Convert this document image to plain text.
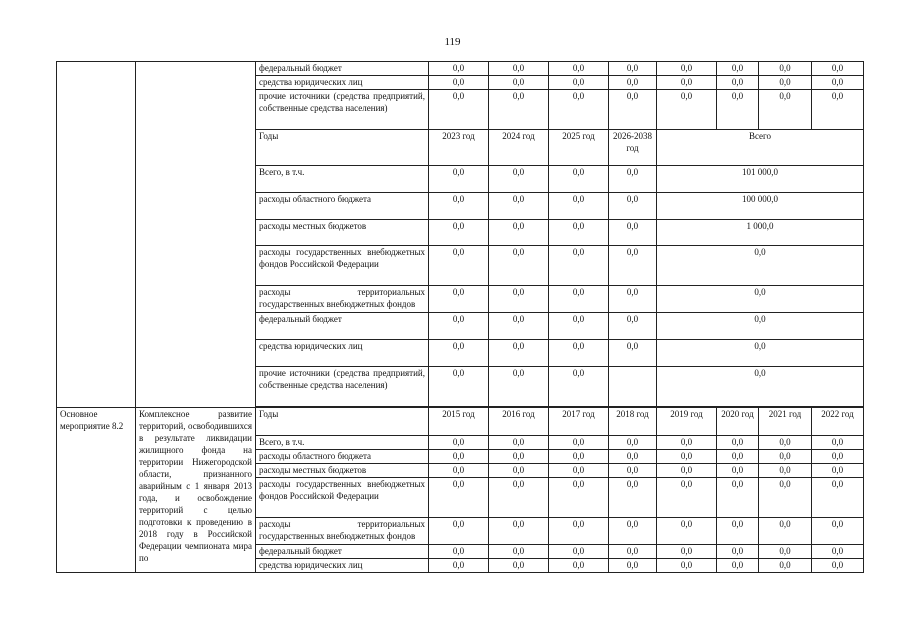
119
		федеральный бюджет	0,0	0,0	0,0	0,0	0,0	0,0	0,0	0,0
		средства юридических лиц	0,0	0,0	0,0	0,0	0,0	0,0	0,0	0,0
		прочие источники (средства предприятий, собственные средства населения)	0,0	0,0	0,0	0,0	0,0	0,0	0,0	0,0
		Годы	2023 год	2024 год	2025 год	2026-2038 год	Всего			
		Всего, в т.ч.	0,0	0,0	0,0	0,0	101 000,0			
		расходы областного бюджета	0,0	0,0	0,0	0,0	100 000,0			
		расходы местных бюджетов	0,0	0,0	0,0	0,0	1 000,0			
		расходы государственных внебюджетных фондов Российской Федерации	0,0	0,0	0,0	0,0	0,0			
		расходы территориальных государственных внебюджетных фондов	0,0	0,0	0,0	0,0	0,0			
		федеральный бюджет	0,0	0,0	0,0	0,0	0,0			
		средства юридических лиц	0,0	0,0	0,0	0,0	0,0			
		прочие источники (средства предприятий, собственные средства населения)	0,0	0,0	0,0		0,0			

Основное мероприятие 8.2	Комплексное развитие территорий, освободившихся в результате ликвидации жилищного фонда на территории Нижегородской области, признанного аварийным с 1 января 2013 года, и освобождение территорий с целью подготовки к проведению в 2018 году в Российской Федерации чемпионата мира по	Годы	2015 год	2016 год	2017 год	2018 год	2019 год	2020 год	2021 год	2022 год
		Всего, в т.ч.	0,0	0,0	0,0	0,0	0,0	0,0	0,0	0,0
		расходы областного бюджета	0,0	0,0	0,0	0,0	0,0	0,0	0,0	0,0
		расходы местных бюджетов	0,0	0,0	0,0	0,0	0,0	0,0	0,0	0,0
		расходы государственных внебюджетных фондов Российской Федерации	0,0	0,0	0,0	0,0	0,0	0,0	0,0	0,0
		расходы территориальных государственных внебюджетных фондов	0,0	0,0	0,0	0,0	0,0	0,0	0,0	0,0
		федеральный бюджет	0,0	0,0	0,0	0,0	0,0	0,0	0,0	0,0
		средства юридических лиц	0,0	0,0	0,0	0,0	0,0	0,0	0,0	0,0
